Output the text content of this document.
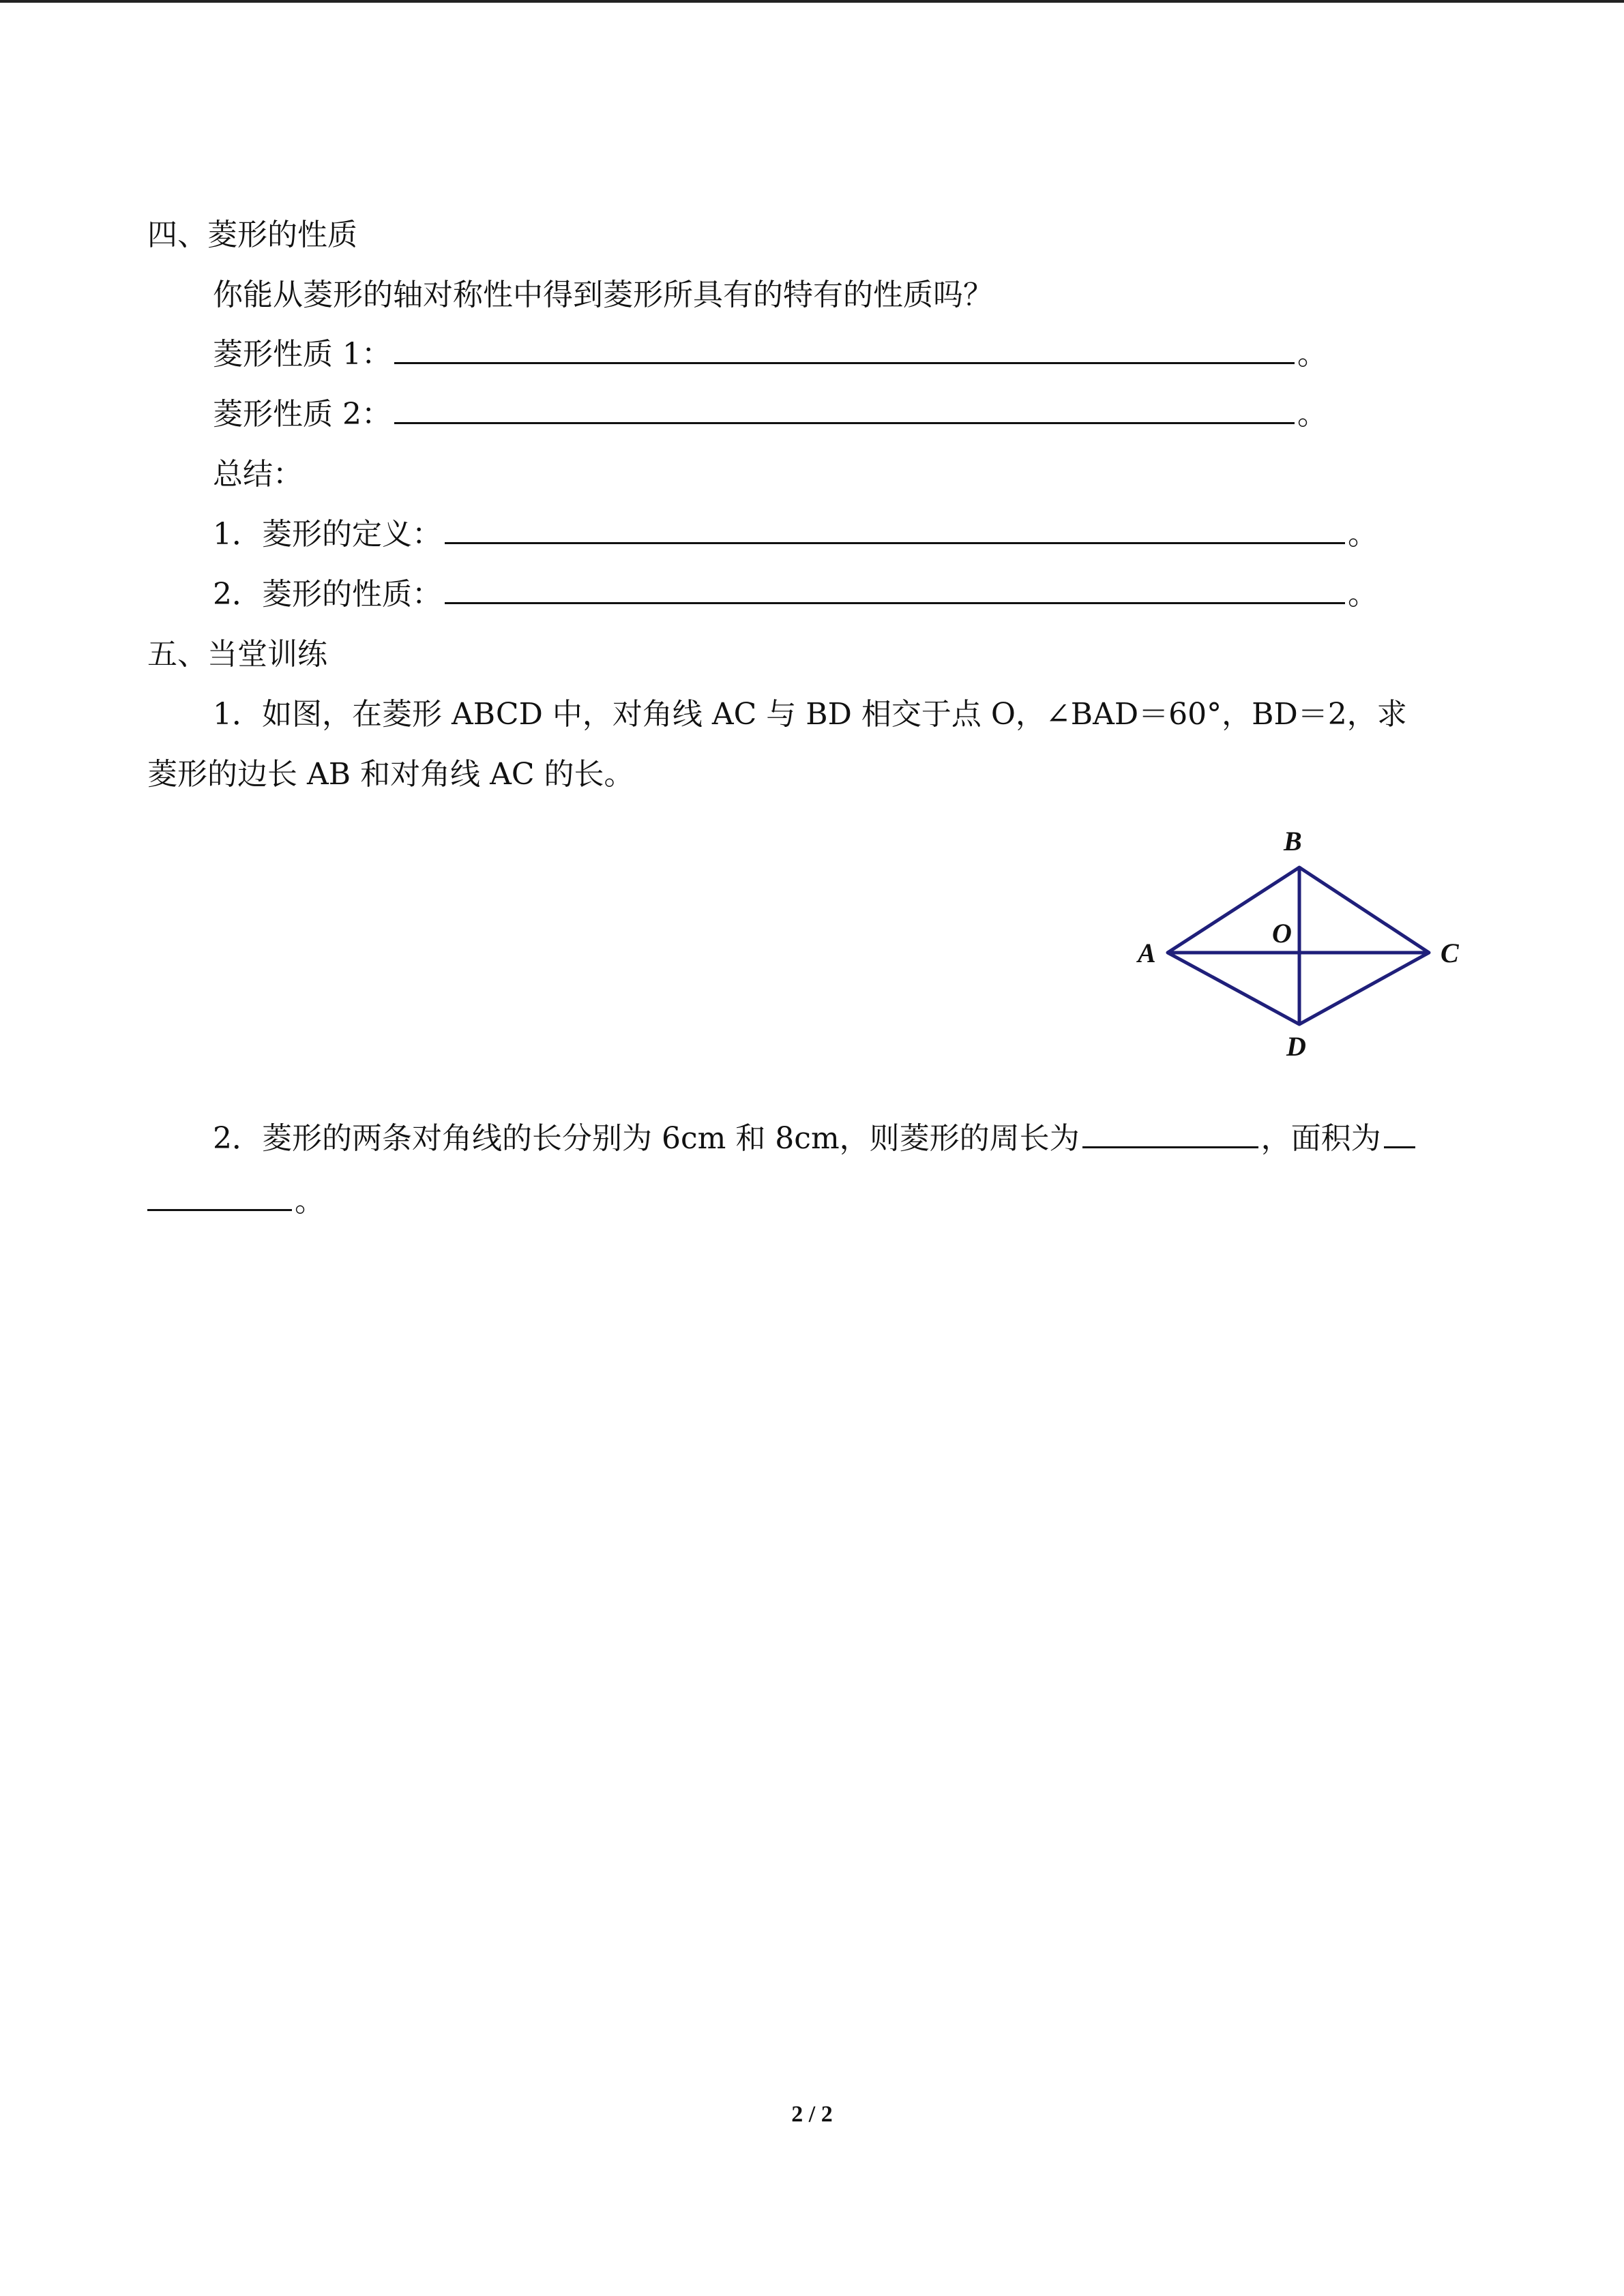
四、菱形的性质
你能从菱形的轴对称性中得到菱形所具有的特有的性质吗？
菱形性质 1：	。
菱形性质 2：	。
总结：
1．菱形的定义：	。
2．菱形的性质：	。
五、当堂训练
1．如图，在菱形 ABCD 中，对角线 AC 与 BD 相交于点 O，∠BAD＝60°，BD＝2，求
菱形的边长 AB 和对角线 AC 的长。
A
B
C
D
O
2．菱形的两条对角线的长分别为 6cm 和 8cm，则菱形的周长为	，面积为
。
2 / 2
